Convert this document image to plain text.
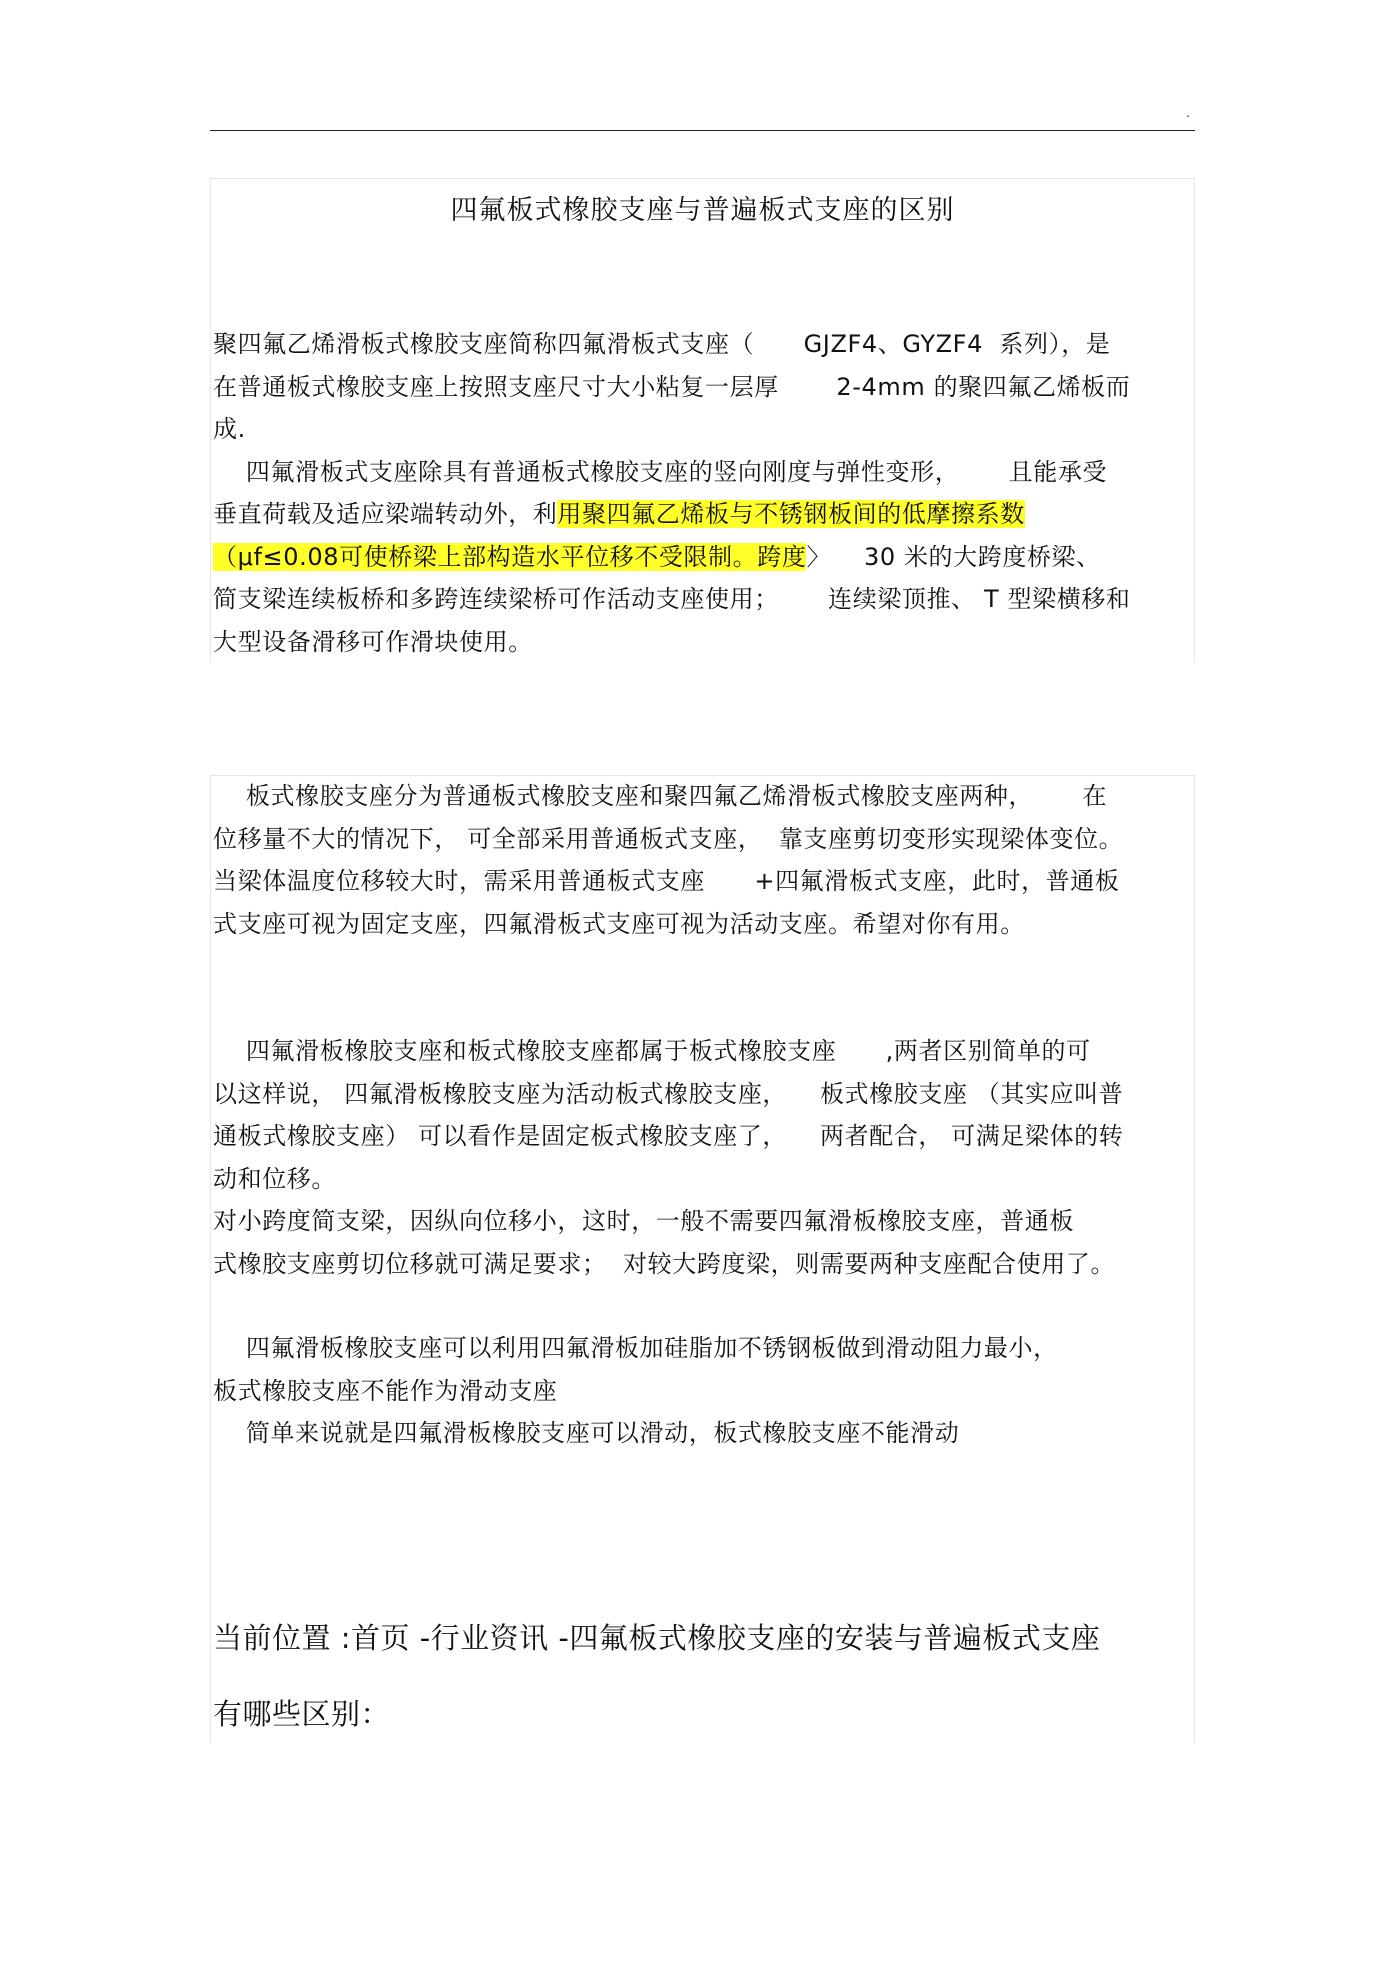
.
四氟板式橡胶支座与普遍板式支座的区别
聚四氟乙烯滑板式橡胶支座简称四氟滑板式支座（      GJZF4、GYZF4  系列），是
在普通板式橡胶支座上按照支座尺寸大小粘复一层厚       2-4mm 的聚四氟乙烯板而
成.
四氟滑板式支座除具有普通板式橡胶支座的竖向刚度与弹性变形，      且能承受
垂直荷载及适应梁端转动外，利用聚四氟乙烯板与不锈钢板间的低摩擦系数
（μf≤0.08可使桥梁上部构造水平位移不受限制。跨度〉    30 米的大跨度桥梁、
简支梁连续板桥和多跨连续梁桥可作活动支座使用；      连续梁顶推、 T 型梁横移和
大型设备滑移可作滑块使用。
板式橡胶支座分为普通板式橡胶支座和聚四氟乙烯滑板式橡胶支座两种，      在
位移量不大的情况下， 可全部采用普通板式支座，  靠支座剪切变形实现梁体变位。
当梁体温度位移较大时，需采用普通板式支座      +四氟滑板式支座，此时，普通板
式支座可视为固定支座，四氟滑板式支座可视为活动支座。希望对你有用。
四氟滑板橡胶支座和板式橡胶支座都属于板式橡胶支座      ,两者区别简单的可
以这样说， 四氟滑板橡胶支座为活动板式橡胶支座，    板式橡胶支座 （其实应叫普
通板式橡胶支座） 可以看作是固定板式橡胶支座了，    两者配合， 可满足梁体的转
动和位移。
对小跨度简支梁，因纵向位移小，这时，一般不需要四氟滑板橡胶支座，普通板
式橡胶支座剪切位移就可满足要求；  对较大跨度梁，则需要两种支座配合使用了。
四氟滑板橡胶支座可以利用四氟滑板加硅脂加不锈钢板做到滑动阻力最小，
板式橡胶支座不能作为滑动支座
简单来说就是四氟滑板橡胶支座可以滑动，板式橡胶支座不能滑动
当前位置 :首页 -行业资讯 -四氟板式橡胶支座的安装与普遍板式支座
有哪些区别：
